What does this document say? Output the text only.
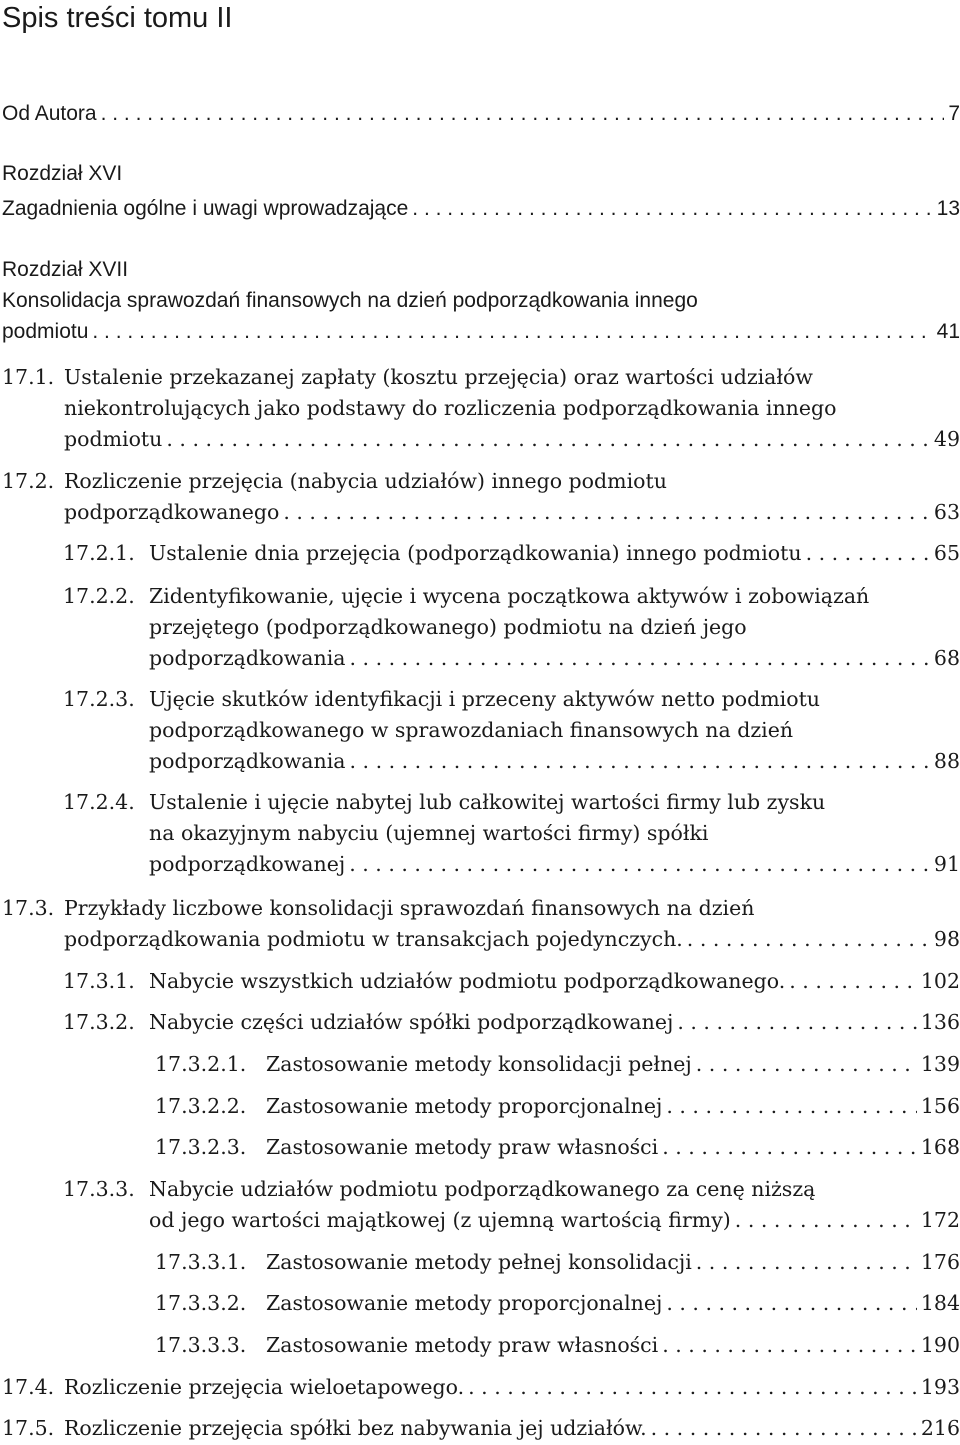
Spis treści tomu II
Od Autora . . .	7
Rozdział XVI
Zagadnienia ogólne i uwagi wprowadzające . . .	13
Rozdział XVII
Konsolidacja sprawozdań finansowych na dzień podporządkowania innego
podmiotu . . .	41
17.1. Ustalenie przekazanej zapłaty (kosztu przejęcia) oraz wartości udziałów
niekontrolujących jako podstawy do rozliczenia podporządkowania innego
podmiotu . . .	49
17.2. Rozliczenie przejęcia (nabycia udziałów) innego podmiotu
podporządkowanego . . .	63
17.2.1. Ustalenie dnia przejęcia (podporządkowania) innego podmiotu . . .	65
17.2.2. Zidentyfikowanie, ujęcie i wycena początkowa aktywów i zobowiązań
przejętego (podporządkowanego) podmiotu na dzień jego
podporządkowania . . .	68
17.2.3. Ujęcie skutków identyfikacji i przeceny aktywów netto podmiotu
podporządkowanego w sprawozdaniach finansowych na dzień
podporządkowania . . .	88
17.2.4. Ustalenie i ujęcie nabytej lub całkowitej wartości firmy lub zysku
na okazyjnym nabyciu (ujemnej wartości firmy) spółki
podporządkowanej . . .	91
17.3. Przykłady liczbowe konsolidacji sprawozdań finansowych na dzień
podporządkowania podmiotu w transakcjach pojedynczych. . . .	98
17.3.1. Nabycie wszystkich udziałów podmiotu podporządkowanego. . . .	102
17.3.2. Nabycie części udziałów spółki podporządkowanej . . .	136
17.3.2.1. Zastosowanie metody konsolidacji pełnej . . .	139
17.3.2.2. Zastosowanie metody proporcjonalnej . . .	156
17.3.2.3. Zastosowanie metody praw własności . . .	168
17.3.3. Nabycie udziałów podmiotu podporządkowanego za cenę niższą
od jego wartości majątkowej (z ujemną wartością firmy) . . .	172
17.3.3.1. Zastosowanie metody pełnej konsolidacji . . .	176
17.3.3.2. Zastosowanie metody proporcjonalnej . . .	184
17.3.3.3. Zastosowanie metody praw własności . . .	190
17.4. Rozliczenie przejęcia wieloetapowego. . . .	193
17.5. Rozliczenie przejęcia spółki bez nabywania jej udziałów. . . .	216
